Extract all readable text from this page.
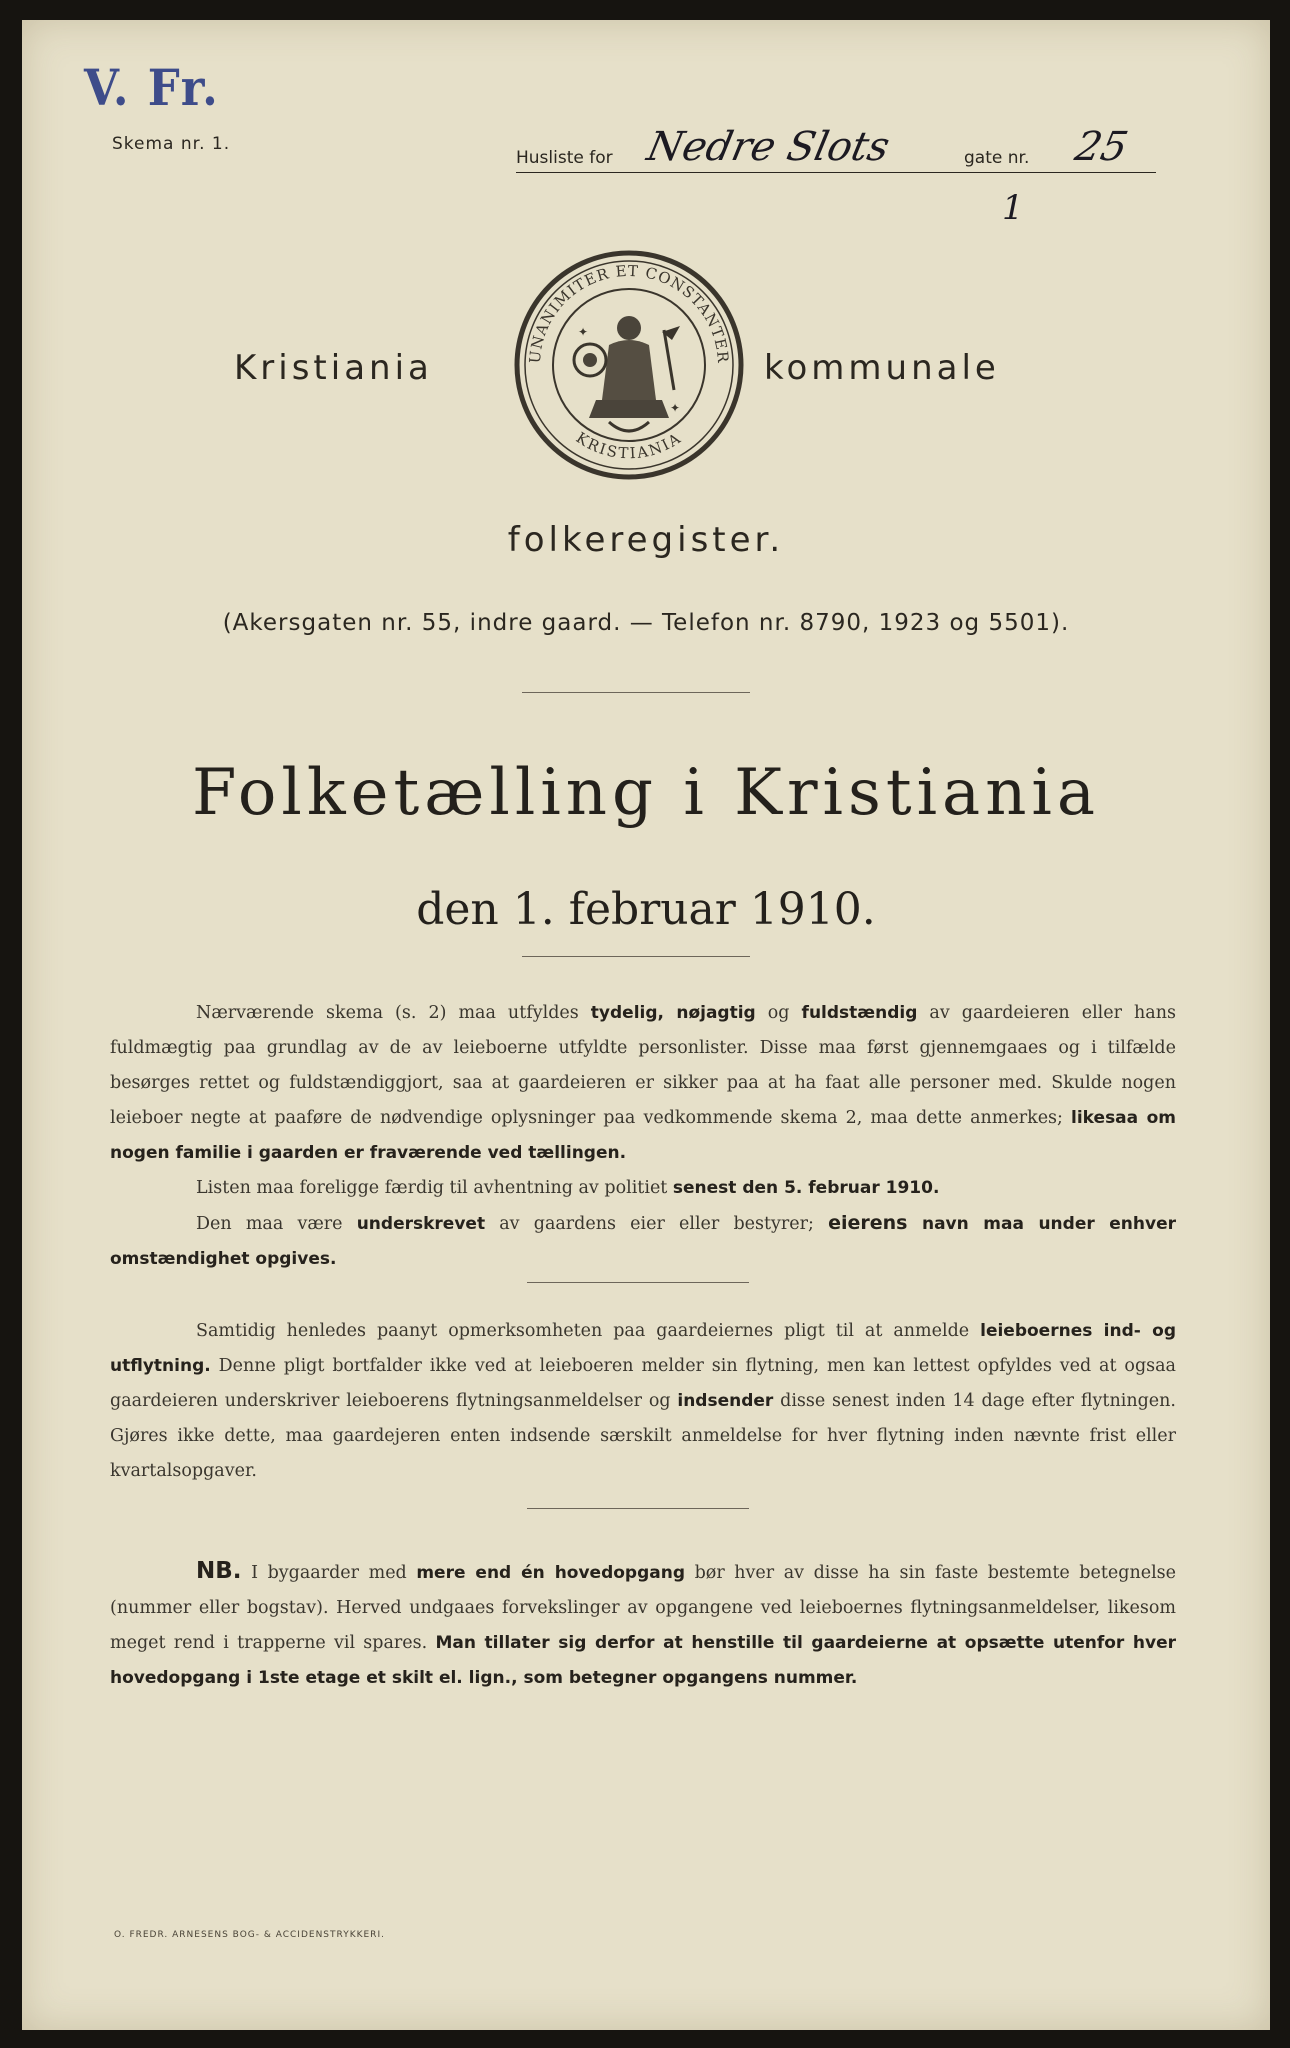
V. Fr.
Skema nr. 1.
Husliste for Nedre Slots	gate nr. 25
1
Kristiania	kommunale
UNANIMITER ET CONSTANTER
KRISTIANIA
✦
✦
folkeregister.
(Akersgaten nr. 55, indre gaard. — Telefon nr. 8790, 1923 og 5501).
Folketælling i Kristiania
den 1. februar 1910.

Nærværende skema (s. 2) maa utfyldes tydelig, nøjagtig og fuldstændig av gaardeieren eller hans fuldmægtig paa grundlag av de av leieboerne utfyldte personlister. Disse maa først gjennemgaaes og i tilfælde besørges rettet og fuldstændiggjort, saa at gaardeieren er sikker paa at ha faat alle personer med. Skulde nogen leieboer negte at paaføre de nødvendige oplysninger paa vedkommende skema 2, maa dette anmerkes; likesaa om nogen familie i gaarden er fraværende ved tællingen.

Listen maa foreligge færdig til avhentning av politiet senest den 5. februar 1910.

Den maa være underskrevet av gaardens eier eller bestyrer; eierens navn maa under enhver omstændighet opgives.

Samtidig henledes paanyt opmerksomheten paa gaardeiernes pligt til at anmelde leieboernes ind- og utflytning. Denne pligt bortfalder ikke ved at leieboeren melder sin flytning, men kan lettest opfyldes ved at ogsaa gaardeieren underskriver leieboerens flytningsanmeldelser og indsender disse senest inden 14 dage efter flytningen. Gjøres ikke dette, maa gaardejeren enten indsende særskilt anmeldelse for hver flytning inden nævnte frist eller kvartalsopgaver.

NB. I bygaarder med mere end én hovedopgang bør hver av disse ha sin faste bestemte betegnelse (nummer eller bogstav). Herved undgaaes forvekslinger av opgangene ved leieboernes flytningsanmeldelser, likesom meget rend i trapperne vil spares. Man tillater sig derfor at henstille til gaardeierne at opsætte utenfor hver hovedopgang i 1ste etage et skilt el. lign., som betegner opgangens nummer.

O. FREDR. ARNESENS BOG- & ACCIDENSTRYKKERI.
